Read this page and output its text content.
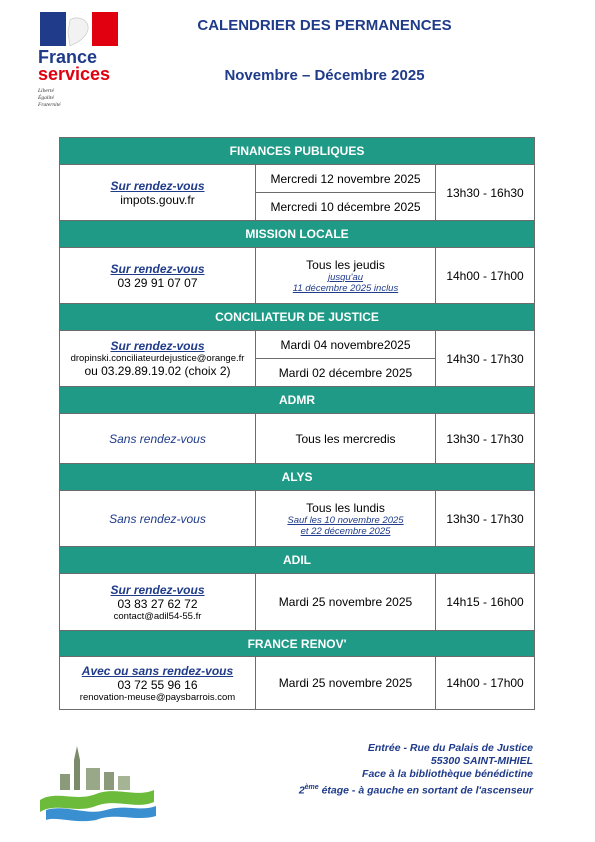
France
services
Liberté
Égalité
Fraternité
CALENDRIER DES PERMANENCES
Novembre – Décembre 2025
FINANCES PUBLIQUES		

Sur rendez-vous
impots.gouv.fr	Mercredi 12 novembre 2025	13h30 - 16h30
	Mercredi 10 décembre 2025	
MISSION LOCALE		

Sur rendez-vous
03 29 91 07 07	Tous les jeudis
jusqu'au
11 décembre 2025 inclus	14h00 - 17h00
CONCILIATEUR DE JUSTICE		

Sur rendez-vous
dropinski.conciliateurdejustice@orange.fr
ou 03.29.89.19.02 (choix 2)	Mardi 04 novembre2025	14h30 - 17h30
	Mardi 02 décembre 2025	
ADMR		
Sans rendez-vous	Tous les mercredis	13h30 - 17h30
ALYS		
Sans rendez-vous	Tous les lundis
Sauf les 10 novembre 2025
et 22 décembre 2025	13h30 - 17h30
ADIL		

Sur rendez-vous
03 83 27 62 72
contact@adil54-55.fr	Mardi 25 novembre 2025	14h15 - 16h00
FRANCE RENOV'		

Avec ou sans rendez-vous
03 72 55 96 16
renovation-meuse@paysbarrois.com	Mardi 25 novembre 2025	14h00 - 17h00
Entrée - Rue du Palais de Justice
55300 SAINT-MIHIEL
Face à la bibliothèque bénédictine
2ème étage - à gauche en sortant de l'ascenseur
